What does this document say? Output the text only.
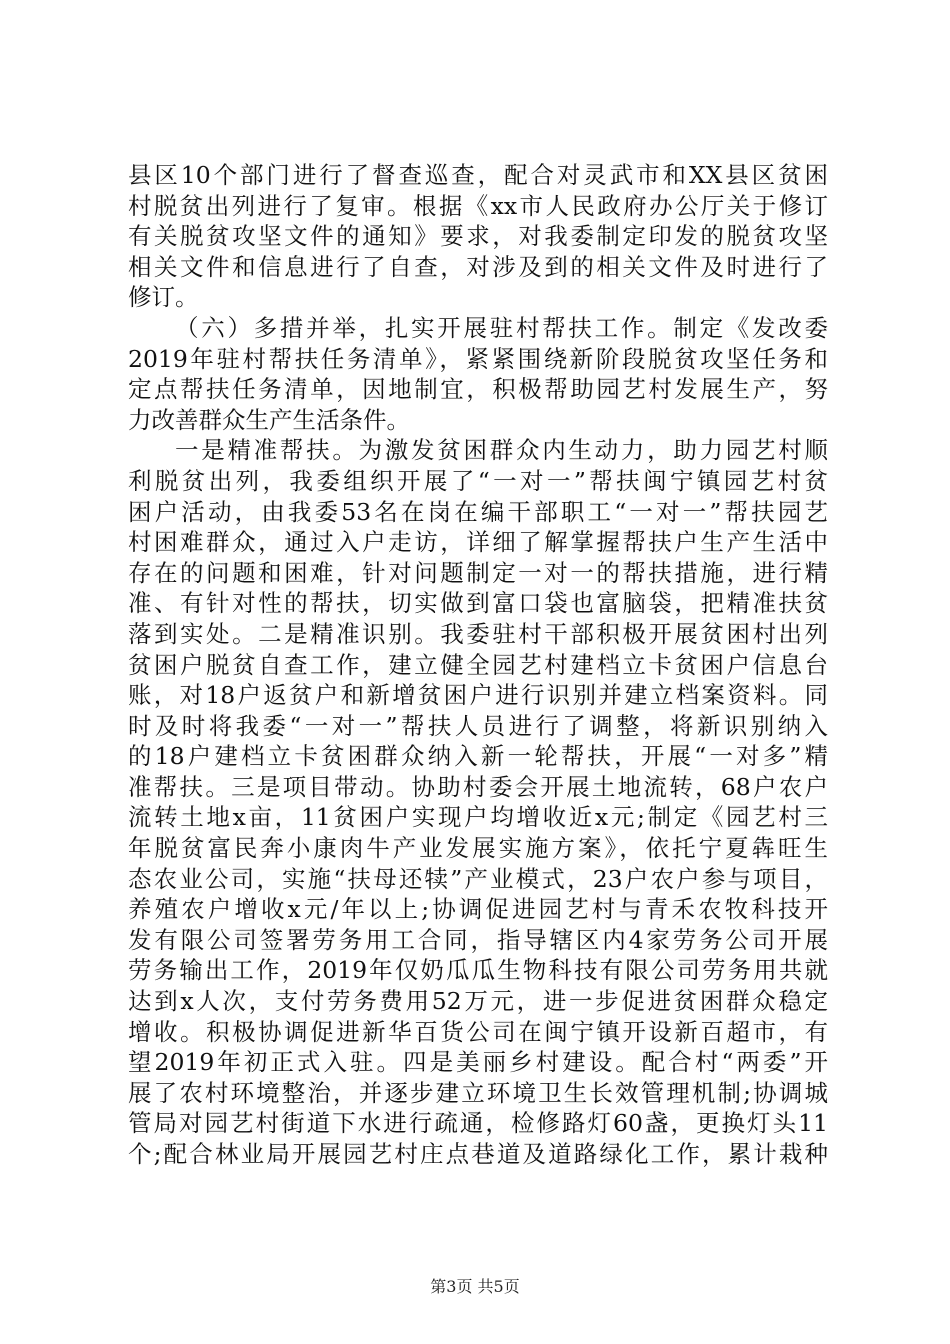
县区10个部门进行了督查巡查，配合对灵武市和XX县区贫困
村脱贫出列进行了复审。根据《xx市人民政府办公厅关于修订
有关脱贫攻坚文件的通知》要求，对我委制定印发的脱贫攻坚
相关文件和信息进行了自查，对涉及到的相关文件及时进行了
修订。
（六）多措并举，扎实开展驻村帮扶工作。制定《发改委
2019年驻村帮扶任务清单》，紧紧围绕新阶段脱贫攻坚任务和
定点帮扶任务清单，因地制宜，积极帮助园艺村发展生产，努
力改善群众生产生活条件。
一是精准帮扶。为激发贫困群众内生动力，助力园艺村顺
利脱贫出列，我委组织开展了“一对一”帮扶闽宁镇园艺村贫
困户活动，由我委53名在岗在编干部职工“一对一”帮扶园艺
村困难群众，通过入户走访，详细了解掌握帮扶户生产生活中
存在的问题和困难，针对问题制定一对一的帮扶措施，进行精
准、有针对性的帮扶，切实做到富口袋也富脑袋，把精准扶贫
落到实处。二是精准识别。我委驻村干部积极开展贫困村出列
贫困户脱贫自查工作，建立健全园艺村建档立卡贫困户信息台
账，对18户返贫户和新增贫困户进行识别并建立档案资料。同
时及时将我委“一对一”帮扶人员进行了调整，将新识别纳入
的18户建档立卡贫困群众纳入新一轮帮扶，开展“一对多”精
准帮扶。三是项目带动。协助村委会开展土地流转，68户农户
流转土地x亩，11贫困户实现户均增收近x元;制定《园艺村三
年脱贫富民奔小康肉牛产业发展实施方案》，依托宁夏犇旺生
态农业公司，实施“扶母还犊”产业模式，23户农户参与项目，
养殖农户增收x元/年以上;协调促进园艺村与青禾农牧科技开
发有限公司签署劳务用工合同，指导辖区内4家劳务公司开展
劳务输出工作，2019年仅奶瓜瓜生物科技有限公司劳务用共就
达到x人次，支付劳务费用52万元，进一步促进贫困群众稳定
增收。积极协调促进新华百货公司在闽宁镇开设新百超市，有
望2019年初正式入驻。四是美丽乡村建设。配合村“两委”开
展了农村环境整治，并逐步建立环境卫生长效管理机制;协调城
管局对园艺村街道下水进行疏通，检修路灯60盏，更换灯头11
个;配合林业局开展园艺村庄点巷道及道路绿化工作，累计栽种
第3页 共5页
